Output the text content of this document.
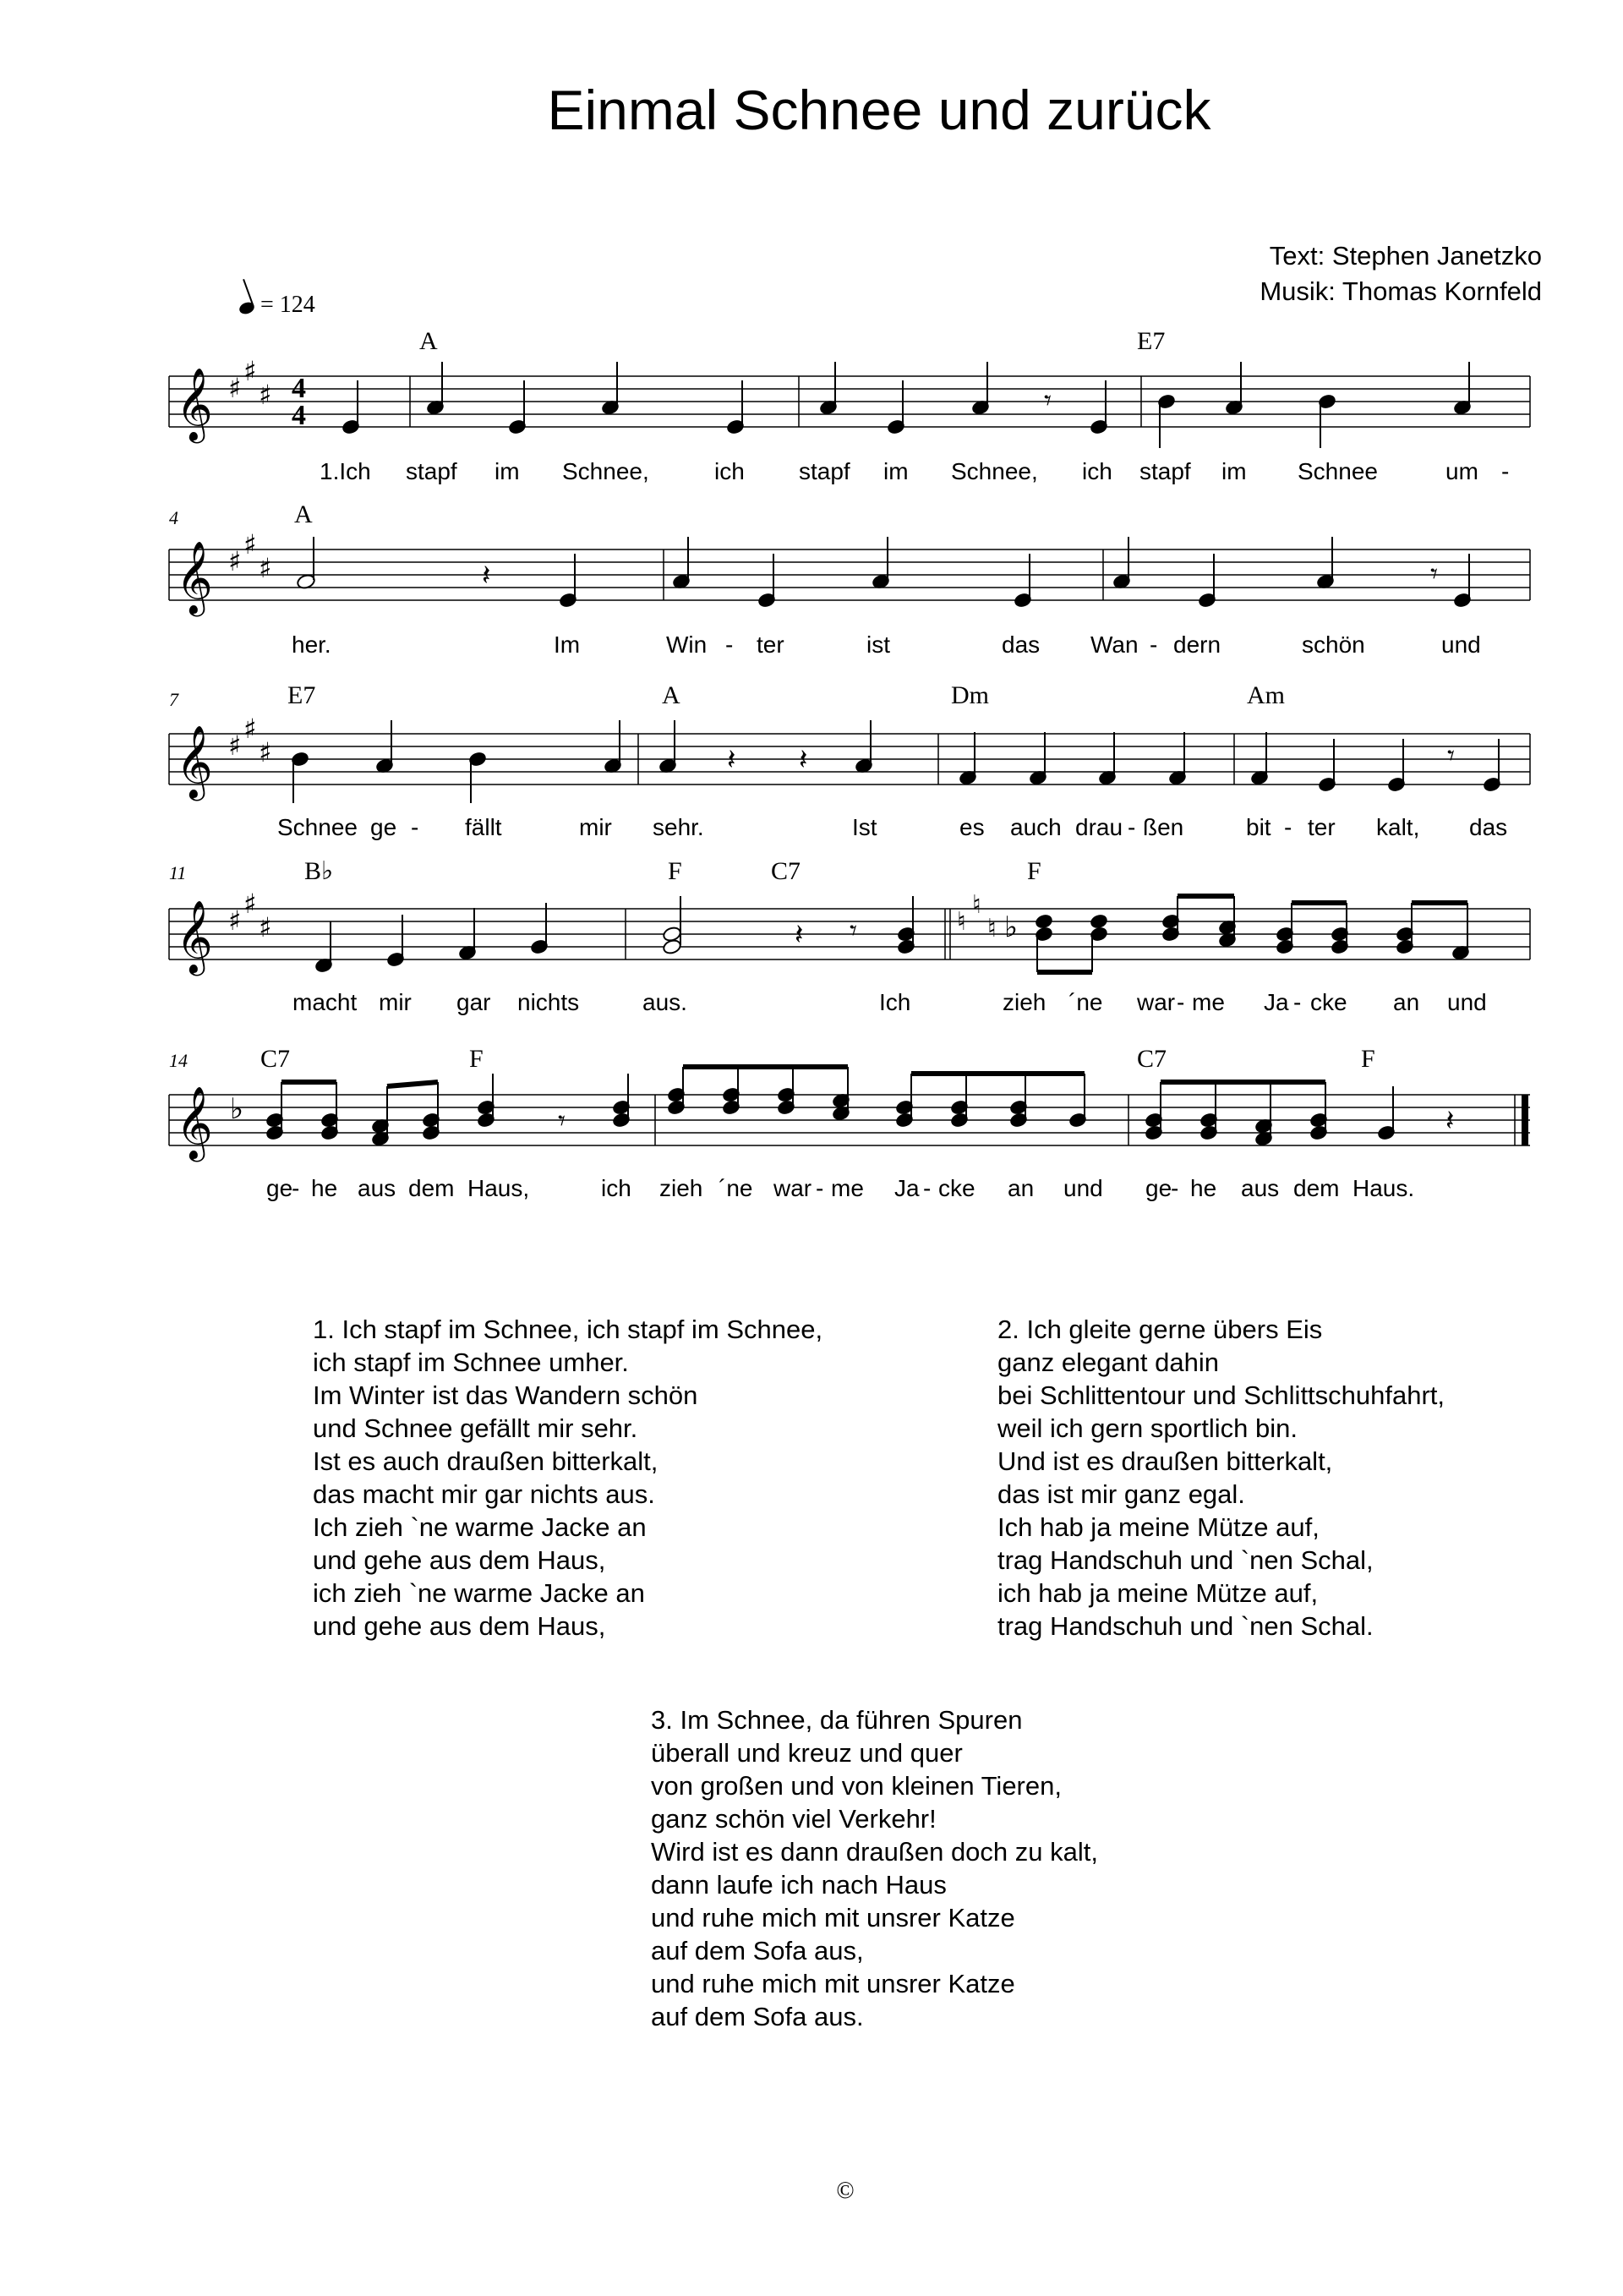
Einmal Schnee und zurück
Text: Stephen Janetzko
Musik: Thomas Kornfeld
= 124
𝄞 ♯
♯
♯ 4
4
𝄞 ♯
♯
♯
𝄞 ♯
♯
♯
𝄞 ♯
♯
♯	♮
♮
♮ ♭
𝄞 ♭
𝄾
𝄽	𝄾
𝄽 𝄽	𝄾
𝄽 𝄾
𝄾	𝄽
4
7
11
14
A	E7
A
E7	A	Dm	Am
B♭	F	C7	F
C7	F	C7	F
1.Ich stapf im Schnee,	ich stapf im Schnee, ich stapf im Schnee	um -
her.	Im	Win - ter	ist	das Wan - dern	schön	und
Schnee ge - fällt	mir sehr.	Ist	es auch drau - ßen	bit - ter kalt, das
macht mir gar nichts	aus.	Ich	zieh ´ne war - me Ja - cke an und
ge
- he aus dem Haus,	ich zieh ´ne war - me Ja - cke an und ge
- he aus dem Haus.
1. Ich stapf im Schnee, ich stapf im Schnee,
ich stapf im Schnee umher.
Im Winter ist das Wandern schön
und Schnee gefällt mir sehr.
Ist es auch draußen bitterkalt,
das macht mir gar nichts aus.
Ich zieh `ne warme Jacke an
und gehe aus dem Haus,
ich zieh `ne warme Jacke an
und gehe aus dem Haus,
2. Ich gleite gerne übers Eis
ganz elegant dahin
bei Schlittentour und Schlittschuhfahrt,
weil ich gern sportlich bin.
Und ist es draußen bitterkalt,
das ist mir ganz egal.
Ich hab ja meine Mütze auf,
trag Handschuh und `nen Schal,
ich hab ja meine Mütze auf,
trag Handschuh und `nen Schal.
3. Im Schnee, da führen Spuren
überall und kreuz und quer
von großen und von kleinen Tieren,
ganz schön viel Verkehr!
Wird ist es dann draußen doch zu kalt,
dann laufe ich nach Haus
und ruhe mich mit unsrer Katze
auf dem Sofa aus,
und ruhe mich mit unsrer Katze
auf dem Sofa aus.
©
